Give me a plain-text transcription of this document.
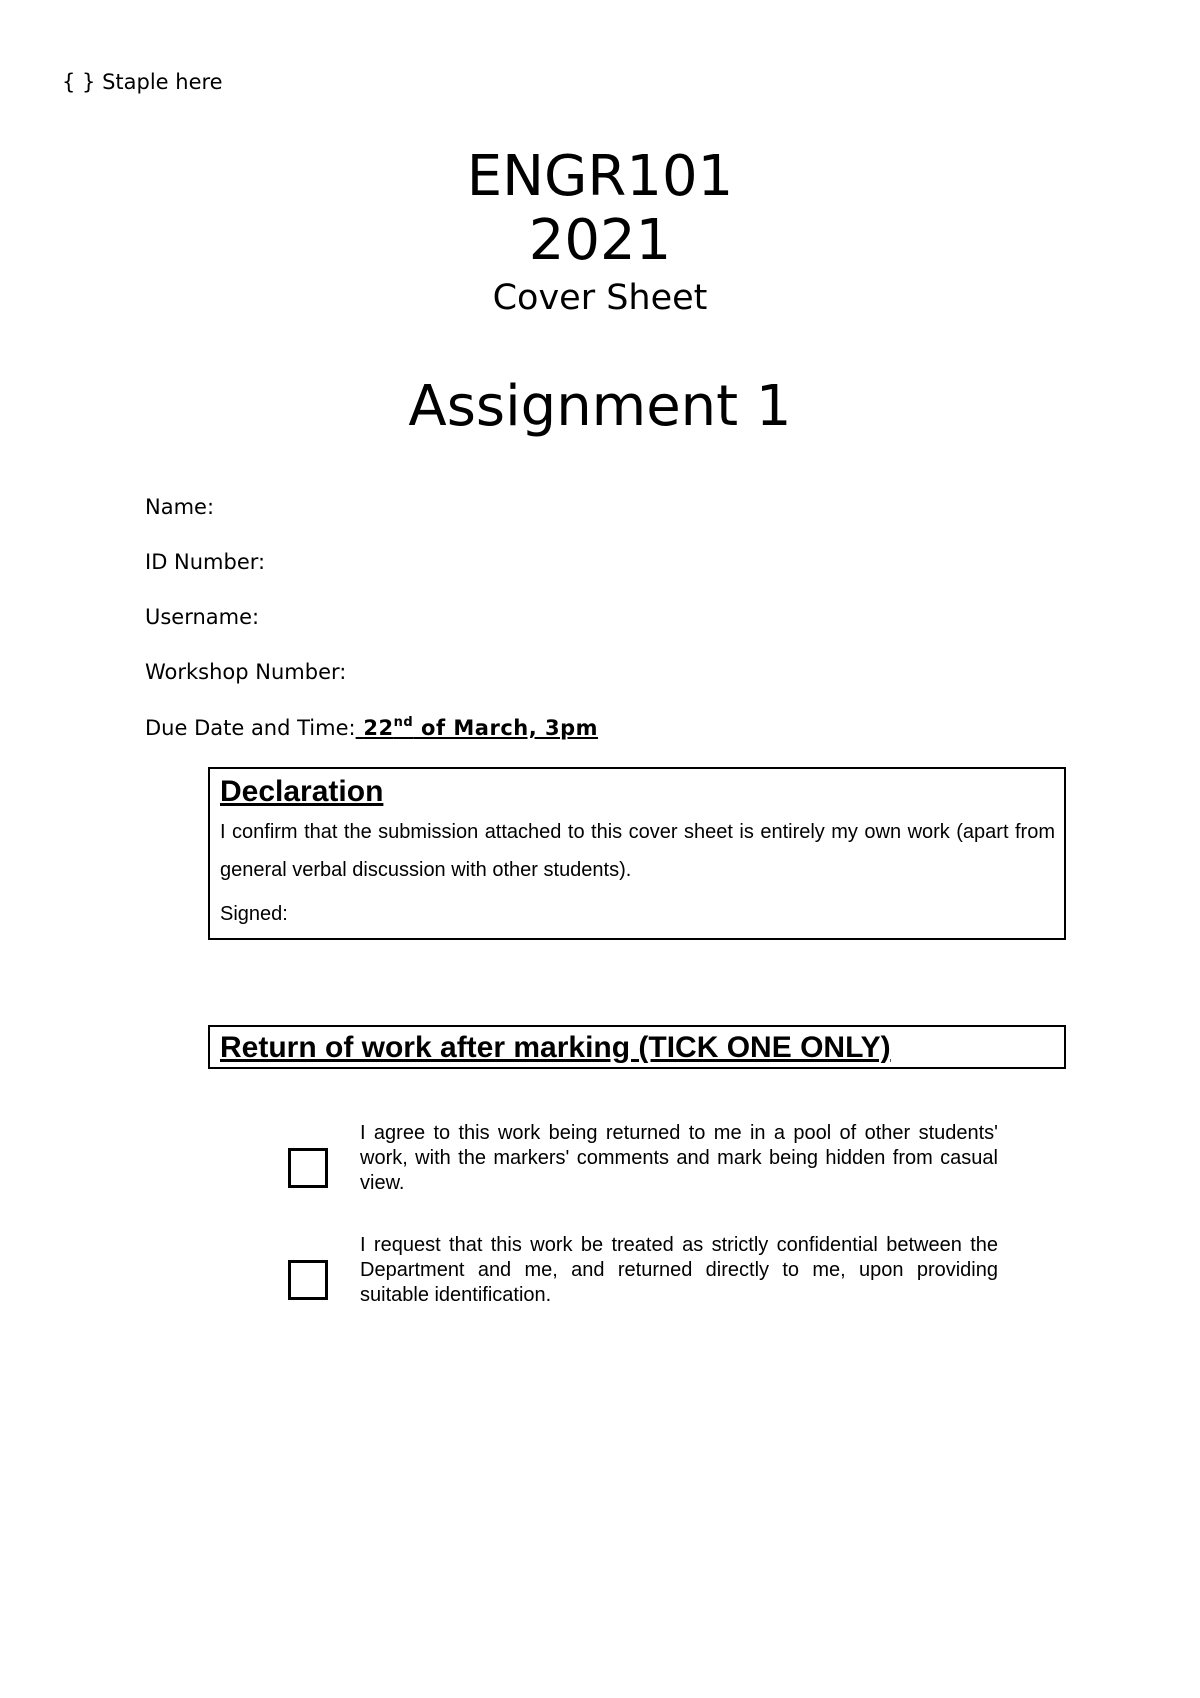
{ } Staple here
ENGR101
2021
Cover Sheet
Assignment 1
Name:
ID Number:
Username:
Workshop Number:
Due Date and Time: 22nd of March, 3pm
Declaration
I confirm that the submission attached to this cover sheet is entirely my own work (apart from general verbal discussion with other students).
Signed:
Return of work after marking (TICK ONE ONLY)
I agree to this work being returned to me in a pool of other students' work, with the markers' comments and mark being hidden from casual view.
I request that this work be treated as strictly confidential between the Department and me, and returned directly to me, upon providing suitable identification.
